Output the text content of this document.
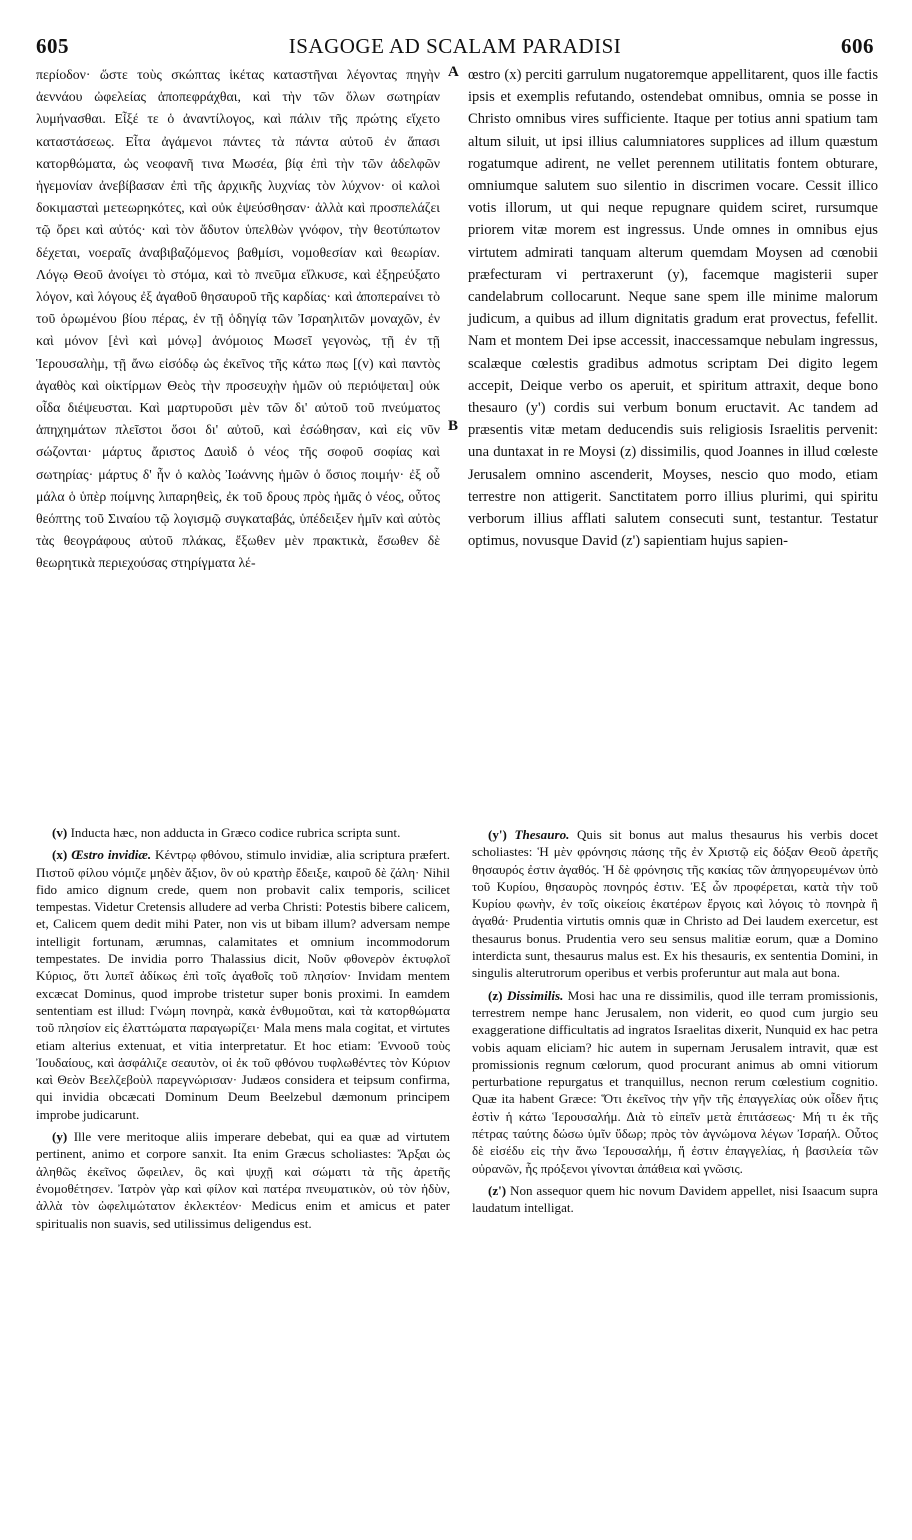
605	ISAGOGE AD SCALAM PARADISI	606

περίοδον· ὥστε τοὺς σκώπτας ἱκέτας καταστῆναι λέγοντας πηγὴν ἀεννάου ὠφελείας ἀποπεφράχθαι, καὶ τὴν τῶν ὅλων σωτηρίαν λυμήνασθαι. Εἶξέ τε ὁ ἀναντίλογος, καὶ πάλιν τῆς πρώτης εἴχετο καταστάσεως. Εἶτα ἀγάμενοι πάντες τὰ πάντα αὐτοῦ ἐν ἅπασι κατορθώματα, ὡς νεοφανῆ τινα Μωσέα, βίᾳ ἐπὶ τὴν τῶν ἀδελφῶν ἡγεμονίαν ἀνεβίβασαν ἐπὶ τῆς ἀρχικῆς λυχνίας τὸν λύχνον· οἱ καλοὶ δοκιμασταὶ μετεωρηκότες, καὶ οὐκ ἐψεύσθησαν· ἀλλὰ καὶ προσπελάζει τῷ ὄρει καὶ αὐτός· καὶ τὸν ἄδυτον ὑπελθὼν γνόφον, τὴν θεοτύπωτον δέχεται, νοεραῖς ἀναβιβαζόμενος βαθμίσι, νομοθεσίαν καὶ θεωρίαν. Λόγῳ Θεοῦ ἀνοίγει τὸ στόμα, καὶ τὸ πνεῦμα εἵλκυσε, καὶ ἐξηρεύξατο λόγον, καὶ λόγους ἐξ ἀγαθοῦ θησαυροῦ τῆς καρδίας· καὶ ἀποπεραίνει τὸ τοῦ ὁρωμένου βίου πέρας, ἐν τῇ ὁδηγίᾳ τῶν Ἰσραηλιτῶν μοναχῶν, ἐν καὶ μόνον [ἑνὶ καὶ μόνῳ] ἀνόμοιος Μωσεῖ γεγονὼς, τῇ ἐν τῇ Ἱερουσαλὴμ, τῇ ἄνω εἰσόδῳ ὡς ἐκεῖνος τῆς κάτω πως [(v) καὶ παντὸς ἀγαθὸς καὶ οἰκτίρμων Θεὸς τὴν προσευχὴν ἡμῶν οὐ περιόψεται] οὐκ οἶδα διέψευσται. Καὶ μαρτυροῦσι μὲν τῶν δι' αὐτοῦ τοῦ πνεύματος ἀπηχημάτων πλεῖστοι ὅσοι δι' αὐτοῦ, καὶ ἐσώθησαν, καὶ εἰς νῦν σώζονται· μάρτυς ἄριστος Δαυὶδ ὁ νέος τῆς σοφοῦ σοφίας καὶ σωτηρίας· μάρτυς δ' ἦν ὁ καλὸς Ἰωάννης ἡμῶν ὁ ὅσιος ποιμήν· ἐξ οὗ μάλα ὁ ὑπὲρ ποίμνης λιπαρηθεὶς, ἐκ τοῦ δρους πρὸς ἡμᾶς ὁ νέος, οὗτος θεόπτης τοῦ Σιναίου τῷ λογισμῷ συγκαταβάς, ὑπέδειξεν ἡμῖν καὶ αὐτὸς τὰς θεογράφους αὐτοῦ πλάκας, ἔξωθεν μὲν πρακτικὰ, ἔσωθεν δὲ θεωρητικὰ περιεχούσας στηρίγματα λέ-

A
B

œstro (x) perciti garrulum nugatoremque appellitarent, quos ille factis ipsis et exemplis refutando, ostendebat omnibus, omnia se posse in Christo omnibus vires sufficiente. Itaque per totius anni spatium tam altum siluit, ut ipsi illius calumniatores supplices ad illum quæstum rogatumque adirent, ne vellet perennem utilitatis fontem obturare, omniumque salutem suo silentio in discrimen vocare. Cessit illico votis illorum, ut qui neque repugnare quidem sciret, rursumque priorem vitæ morem est ingressus. Unde omnes in omnibus ejus virtutem admirati tanquam alterum quemdam Moysen ad cœnobii præfecturam vi pertraxerunt (y), facemque magisterii super candelabrum collocarunt. Neque sane spem ille minime malorum judicum, a quibus ad illum dignitatis gradum erat provectus, fefellit. Nam et montem Dei ipse accessit, inaccessamque nebulam ingressus, scalæque cœlestis gradibus admotus scriptam Dei digito legem accepit, Deique verbo os aperuit, et spiritum attraxit, deque bono thesauro (y') cordis sui verbum bonum eructavit. Ac tandem ad præsentis vitæ metam deducendis suis religiosis Israelitis pervenit: una duntaxat in re Moysi (z) dissimilis, quod Joannes in illud cœleste Jerusalem omnino ascenderit, Moyses, nescio quo modo, etiam terrestre non attigerit. Sanctitatem porro illius plurimi, qui spiritu verborum illius afflati salutem consecuti sunt, testantur. Testatur optimus, novusque David (z') sapientiam hujus sapien-

(v) Inducta hæc, non adducta in Græco codice rubrica scripta sunt.

(x) Œstro invidiæ. Κέντρῳ φθόνου, stimulo invidiæ, alia scriptura præfert. Πιστοῦ φίλου νόμιζε μηδὲν ἄξιον, ὃν οὐ κρατὴρ ἔδειξε, καιροῦ δὲ ζάλη· Nihil fido amico dignum crede, quem non probavit calix temporis, scilicet tempestas. Videtur Cretensis alludere ad verba Christi: Potestis bibere calicem, et, Calicem quem dedit mihi Pater, non vis ut bibam illum? adversam nempe intelligit fortunam, ærumnas, calamitates et omnium incommodorum tempestates. De invidia porro Thalassius dicit, Νοῦν φθονερὸν ἐκτυφλοῖ Κύριος, ὅτι λυπεῖ ἀδίκως ἐπὶ τοῖς ἀγαθοῖς τοῦ πλησίον· Invidam mentem excæcat Dominus, quod improbe tristetur super bonis proximi. In eamdem sententiam est illud: Γνώμη πονηρὰ, κακὰ ἐνθυμοῦται, καὶ τὰ κατορθώματα τοῦ πλησίον εἰς ἐλαττώματα παραγωρίζει· Mala mens mala cogitat, et virtutes etiam alterius extenuat, et vitia interpretatur. Et hoc etiam: Ἐννοοῦ τοὺς Ἰουδαίους, καὶ ἀσφάλιζε σεαυτὸν, οἱ ἐκ τοῦ φθόνου τυφλωθέντες τὸν Κύριον καὶ Θεὸν Βεελζεβοὺλ παρεγνώρισαν· Judæos considera et teipsum confirma, qui invidia obcæcati Dominum Deum Beelzebul dæmonum principem improbe judicarunt.

(y) Ille vere meritoque aliis imperare debebat, qui ea quæ ad virtutem pertinent, animo et corpore sanxit. Ita enim Græcus scholiastes: Ἄρξαι ὡς ἀληθῶς ἐκεῖνος ὤφειλεν, ὃς καὶ ψυχῇ καὶ σώματι τὰ τῆς ἀρετῆς ἐνομοθέτησεν. Ἰατρὸν γὰρ καὶ φίλον καὶ πατέρα πνευματικὸν, οὐ τὸν ἡδὺν, ἀλλὰ τὸν ὠφελιμώτατον ἐκλεκτέον· Medicus enim et amicus et pater spiritualis non suavis, sed utilissimus deligendus est.

(y') Thesauro. Quis sit bonus aut malus thesaurus his verbis docet scholiastes: Ἡ μὲν φρόνησις πάσης τῆς ἐν Χριστῷ εἰς δόξαν Θεοῦ ἀρετῆς θησαυρός ἐστιν ἀγαθός. Ἡ δὲ φρόνησις τῆς κακίας τῶν ἀπηγορευμένων ὑπὸ τοῦ Κυρίου, θησαυρὸς πονηρός ἐστιν. Ἐξ ὧν προφέρεται, κατὰ τὴν τοῦ Κυρίου φωνὴν, ἐν τοῖς οἰκείοις ἑκατέρων ἔργοις καὶ λόγοις τὸ πονηρὰ ἢ ἀγαθά· Prudentia virtutis omnis quæ in Christo ad Dei laudem exercetur, est thesaurus bonus. Prudentia vero seu sensus malitiæ eorum, quæ a Domino interdicta sunt, thesaurus malus est. Ex his thesauris, ex sententia Domini, in singulis alterutrorum operibus et verbis proferuntur aut mala aut bona.

(z) Dissimilis. Mosi hac una re dissimilis, quod ille terram promissionis, terrestrem nempe hanc Jerusalem, non viderit, eo quod cum jurgio seu exaggeratione difficultatis ad ingratos Israelitas dixerit, Nunquid ex hac petra vobis aquam eliciam? hic autem in supernam Jerusalem intravit, quæ est promissionis regnum cœlorum, quod procurant animus ab omni vitiorum perturbatione repurgatus et tranquillus, necnon rerum cœlestium cognitio. Quæ ita habent Græce: Ὅτι ἐκεῖνος τὴν γῆν τῆς ἐπαγγελίας οὐκ οἶδεν ἥτις ἐστὶν ἡ κάτω Ἱερουσαλήμ. Διὰ τὸ εἰπεῖν μετὰ ἐπιτάσεως· Μή τι ἐκ τῆς πέτρας ταύτης δώσω ὑμῖν ὕδωρ; πρὸς τὸν ἀγνώμονα λέγων Ἰσραήλ. Οὗτος δὲ εἰσέδυ εἰς τὴν ἄνω Ἱερουσαλήμ, ἥ ἐστιν ἐπαγγελίας, ἡ βασιλεία τῶν οὐρανῶν, ἧς πρόξενοι γίνονται ἀπάθεια καὶ γνῶσις.

(z') Non assequor quem hic novum Davidem appellet, nisi Isaacum supra laudatum intelligat.
